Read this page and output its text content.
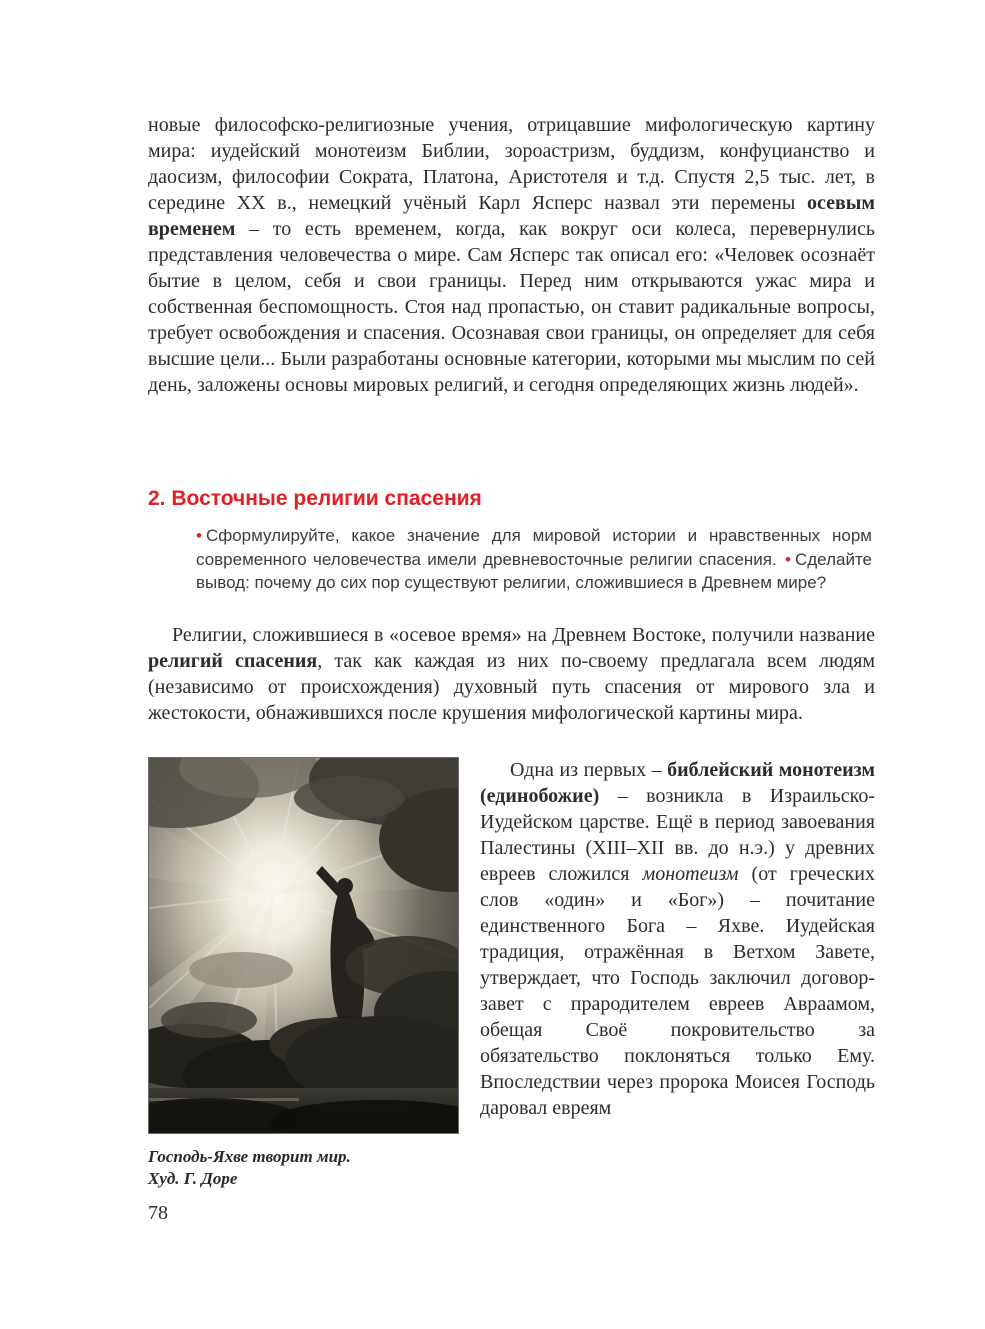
новые философско-религиозные учения, отрицавшие мифологическую картину мира: иудейский монотеизм Библии, зороастризм, буддизм, конфуцианство и даосизм, философии Сократа, Платона, Аристотеля и т.д. Спустя 2,5 тыс. лет, в середине XX в., немецкий учёный Карл Ясперс назвал эти перемены осевым временем – то есть временем, когда, как вокруг оси колеса, перевернулись представления человечества о мире. Сам Ясперс так описал его: «Человек осознаёт бытие в целом, себя и свои границы. Перед ним открываются ужас мира и собственная беспомощность. Стоя над пропастью, он ставит радикальные вопросы, требует освобождения и спасения. Осознавая свои границы, он определяет для себя высшие цели... Были разработаны основные категории, которыми мы мыслим по сей день, заложены основы мировых религий, и сегодня определяющих жизнь людей».

2. Восточные религии спасения
• Сформулируйте, какое значение для мировой истории и нравственных норм современного человечества имели древневосточные религии спасения. • Сделайте вывод: почему до сих пор существуют религии, сложившиеся в Древнем мире?

Религии, сложившиеся в «осевое время» на Древнем Востоке, получили название религий спасения, так как каждая из них по-своему предлагала всем людям (независимо от происхождения) духовный путь спасения от мирового зла и жестокости, обнажившихся после крушения мифологической картины мира.

Господь-Яхве творит мир.
Худ. Г. Доре

Одна из первых – библейский монотеизм (единобожие) – возникла в Израильско-Иудейском царстве. Ещё в период завоевания Палестины (XIII–XII вв. до н.э.) у древних евреев сложился монотеизм (от греческих слов «один» и «Бог») – почитание единственного Бога – Яхве. Иудейская традиция, отражённая в Ветхом Завете, утверждает, что Господь заключил договор-завет с прародителем евреев Авраамом, обещая Своё покровительство за обязательство поклоняться только Ему. Впоследствии через пророка Моисея Господь даровал евреям

78
